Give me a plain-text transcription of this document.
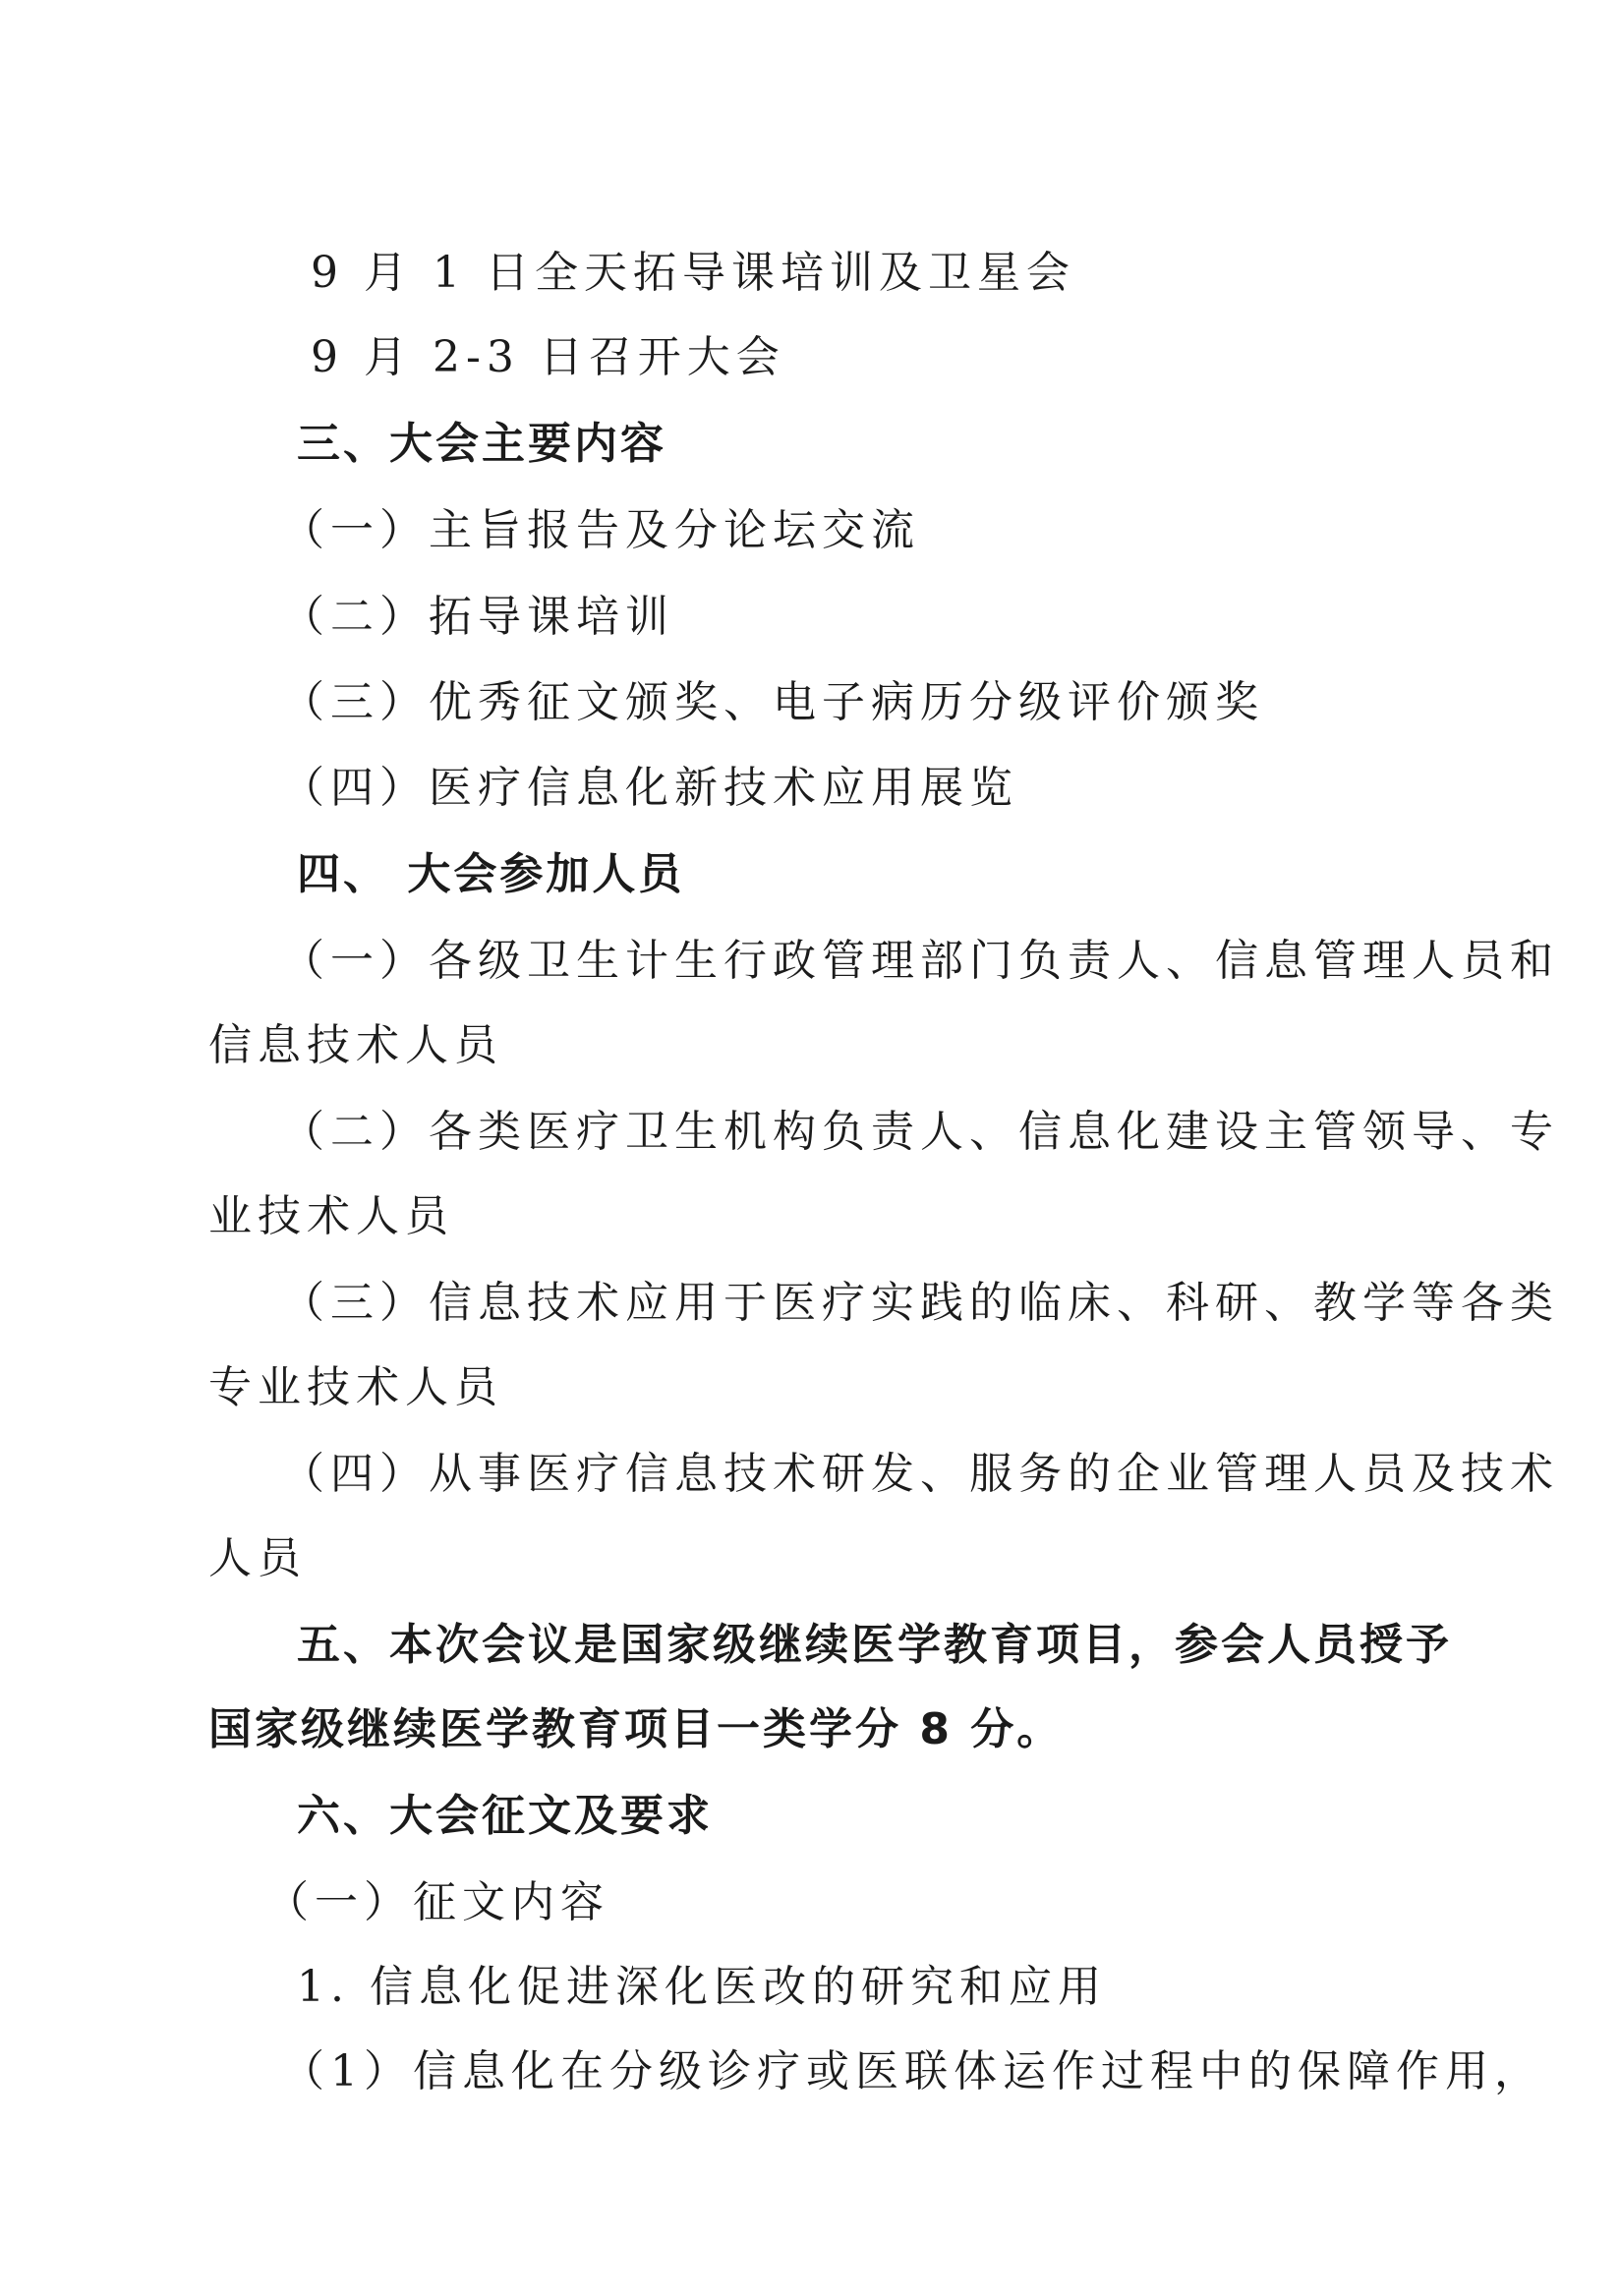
9 月 1 日全天拓导课培训及卫星会
9 月 2-3 日召开大会
三、大会主要内容
（一）主旨报告及分论坛交流
（二）拓导课培训
（三）优秀征文颁奖、电子病历分级评价颁奖
（四）医疗信息化新技术应用展览
四、 大会参加人员
（一）各级卫生计生行政管理部门负责人、信息管理人员和
信息技术人员
（二）各类医疗卫生机构负责人、信息化建设主管领导、专
业技术人员
（三）信息技术应用于医疗实践的临床、科研、教学等各类
专业技术人员
（四）从事医疗信息技术研发、服务的企业管理人员及技术
人员
五、本次会议是国家级继续医学教育项目，参会人员授予
国家级继续医学教育项目一类学分 8 分。
六、大会征文及要求
（一）征文内容
1. 信息化促进深化医改的研究和应用
（1）信息化在分级诊疗或医联体运作过程中的保障作用，
